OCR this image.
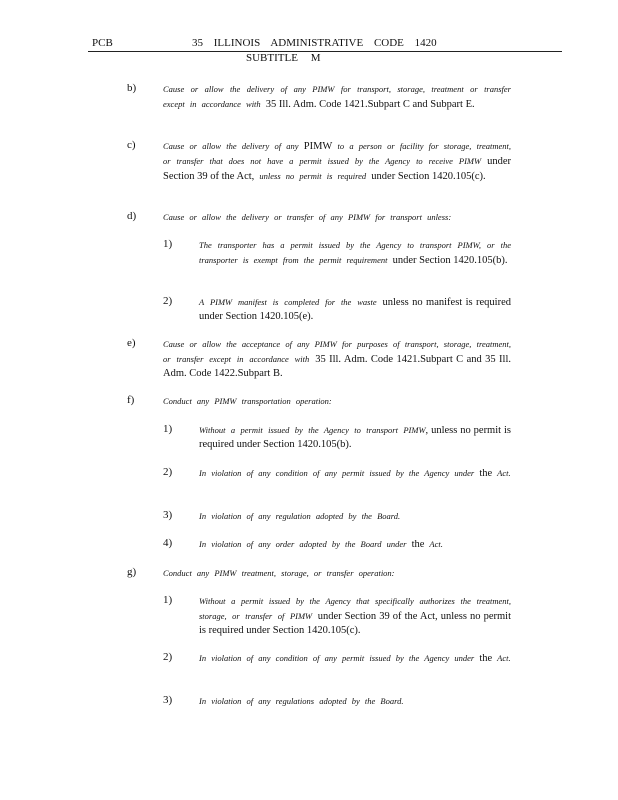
PCB	35 ILLINOIS ADMINISTRATIVE CODE 1420
SUBTITLE M
b)	Cause or allow the delivery of any PIMW for transport, storage, treatment or transfer except in accordance with 35 Ill. Adm. Code 1421.Subpart C and Subpart E.
c)	Cause or allow the delivery of any PIMW to a person or facility for storage, treatment, or transfer that does not have a permit issued by the Agency to receive PIMW under Section 39 of the Act, unless no permit is required under Section 1420.105(c).
d)	Cause or allow the delivery or transfer of any PIMW for transport unless:
1)	The transporter has a permit issued by the Agency to transport PIMW, or the transporter is exempt from the permit requirement under Section 1420.105(b).
2)	A PIMW manifest is completed for the waste unless no manifest is required under Section 1420.105(e).
e)	Cause or allow the acceptance of any PIMW for purposes of transport, storage, treatment, or transfer except in accordance with 35 Ill. Adm. Code 1421.Subpart C and 35 Ill. Adm. Code 1422.Subpart B.
f)	Conduct any PIMW transportation operation:
1)	Without a permit issued by the Agency to transport PIMW, unless no permit is required under Section 1420.105(b).
2)	In violation of any condition of any permit issued by the Agency under the Act.
3)	In violation of any regulation adopted by the Board.
4)	In violation of any order adopted by the Board under the Act.
g)	Conduct any PIMW treatment, storage, or transfer operation:
1)	Without a permit issued by the Agency that specifically authorizes the treatment, storage, or transfer of PIMW under Section 39 of the Act, unless no permit is required under Section 1420.105(c).
2)	In violation of any condition of any permit issued by the Agency under the Act.
3)	In violation of any regulations adopted by the Board.
